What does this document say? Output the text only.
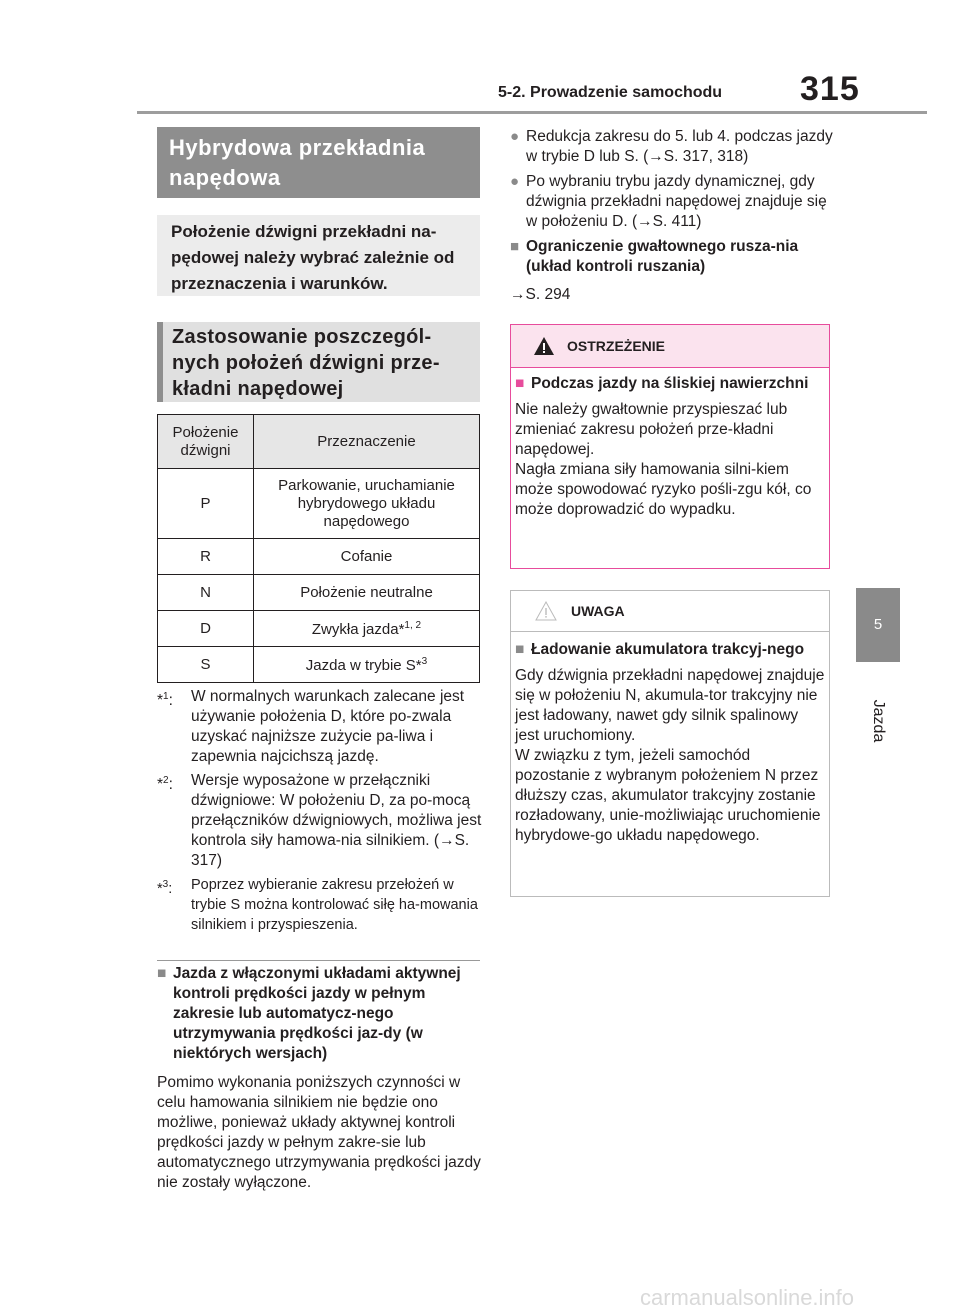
5-2. Prowadzenie samochodu 315
5
Jazda
Hybrydowa przekładnia napędowa
Położenie dźwigni przekładni na-pędowej należy wybrać zależnie od przeznaczenia i warunków.
Zastosowanie poszczegól-nych położeń dźwigni prze-kładni napędowej
Położenie dźwigni	Przeznaczenie
P	Parkowanie, uruchamianie hybrydowego układu napędowego
R	Cofanie
N	Położenie neutralne
D	Zwykła jazda*$^{1, 2}$
S	Jazda w trybie S*$^3$
*$^1$:	W normalnych warunkach zalecane jest używanie położenia D, które po-zwala uzyskać najniższe zużycie pa-liwa i zapewnia najcichszą jazdę.
*$^2$:	Wersje wyposażone w przełączniki dźwigniowe: W położeniu D, za po-mocą przełączników dźwigniowych, możliwa jest kontrola siły hamowa-nia silnikiem. (→S. 317)
*$^3$:	Poprzez wybieranie zakresu przełożeń w trybie S można kontrolować siłę ha-mowania silnikiem i przyspieszenia.
■ Jazda z włączonymi układami aktywnej kontroli prędkości jazdy w pełnym zakresie lub automatycz-nego utrzymywania prędkości jaz-dy (w niektórych wersjach)
Pomimo wykonania poniższych czynności w celu hamowania silnikiem nie będzie ono możliwe, ponieważ układy aktywnej kontroli prędkości jazdy w pełnym zakre-sie lub automatycznego utrzymywania prędkości jazdy nie zostały wyłączone.
● Redukcja zakresu do 5. lub 4. podczas jazdy w trybie D lub S. (→S. 317, 318)
● Po wybraniu trybu jazdy dynamicznej, gdy dźwignia przekładni napędowej znajduje się w położeniu D. (→S. 411)
■ Ograniczenie gwałtownego rusza-nia (układ kontroli ruszania)
→S. 294
OSTRZEŻENIE
■ Podczas jazdy na śliskiej nawierzchni
Nie należy gwałtownie przyspieszać lub zmieniać zakresu położeń prze-kładni napędowej.
Nagła zmiana siły hamowania silni-kiem może spowodować ryzyko pośli-zgu kół, co może doprowadzić do wypadku.
UWAGA
■ Ładowanie akumulatora trakcyj-nego
Gdy dźwignia przekładni napędowej znajduje się w położeniu N, akumula-tor trakcyjny nie jest ładowany, nawet gdy silnik spalinowy jest uruchomiony.
W związku z tym, jeżeli samochód pozostanie z wybranym położeniem N przez dłuższy czas, akumulator trakcyjny zostanie rozładowany, unie-możliwiając uruchomienie hybrydowe-go układu napędowego.
carmanualsonline.info
